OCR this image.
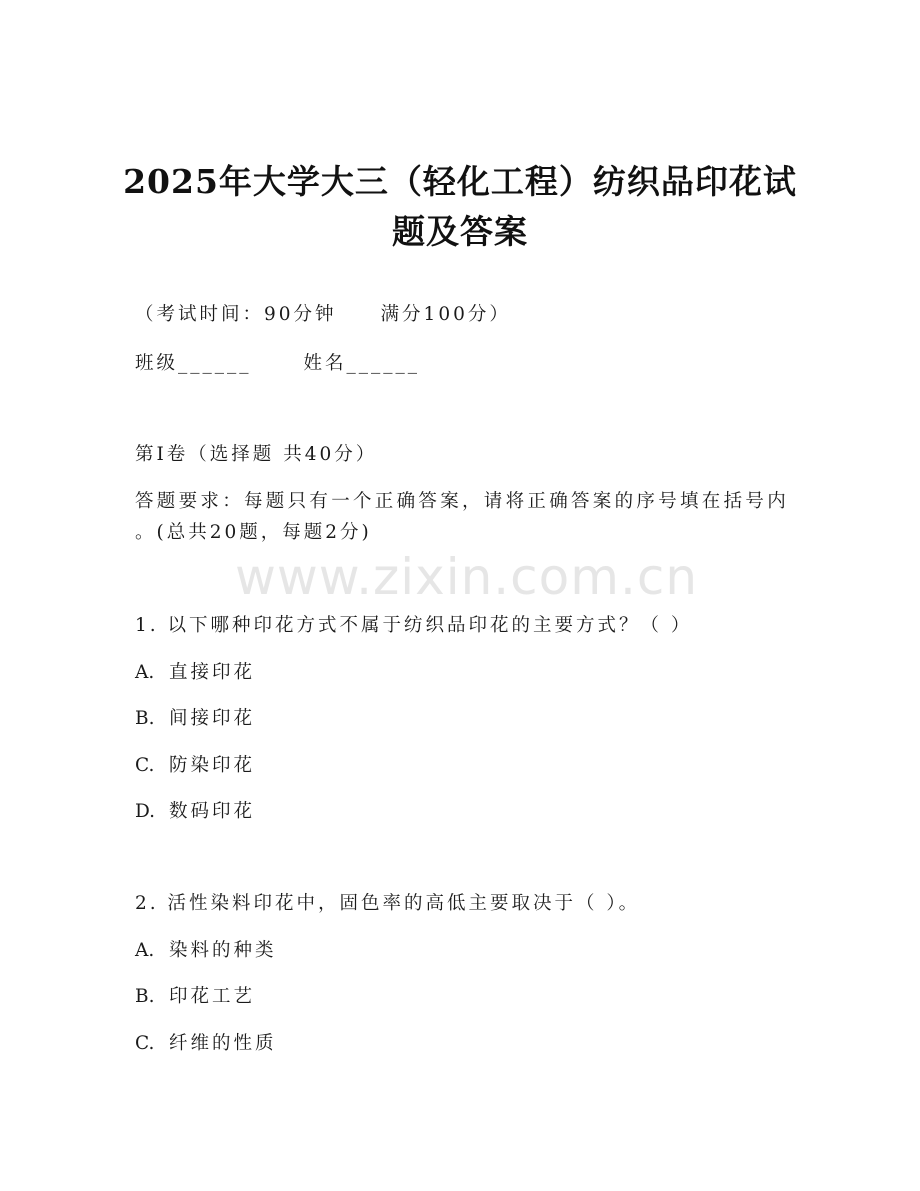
2025年大学大三（轻化工程）纺织品印花试
题及答案
（考试时间：90分钟 满分100分）
班级______	姓名______
第Ⅰ卷（选择题 共40分）
答题要求：每题只有一个正确答案，请将正确答案的序号填在括号内
。(总共20题，每题2分)
www.zixin.com.cn
1. 以下哪种印花方式不属于纺织品印花的主要方式？（ ）
A. 直接印花
B. 间接印花
C. 防染印花
D. 数码印花
2. 活性染料印花中，固色率的高低主要取决于（ ）。
A. 染料的种类
B. 印花工艺
C. 纤维的性质
